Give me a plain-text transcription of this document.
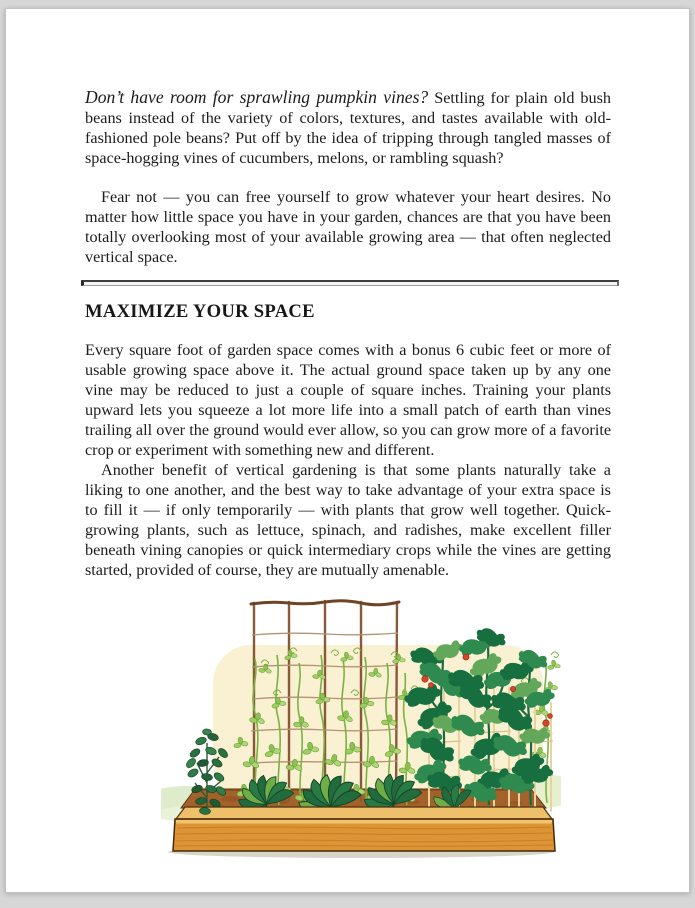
Don’t have room for sprawling pumpkin vines? Settling for plain old bush beans instead of the variety of colors, textures, and tastes available with old-fashioned pole beans? Put off by the idea of tripping through tangled masses of space-hogging vines of cucumbers, melons, or rambling squash?

Fear not — you can free yourself to grow whatever your heart desires. No matter how little space you have in your garden, chances are that you have been totally overlooking most of your available growing area — that often neglected vertical space.

MAXIMIZE YOUR SPACE

Every square foot of garden space comes with a bonus 6 cubic feet or more of usable growing space above it. The actual ground space taken up by any one vine may be reduced to just a couple of square inches. Training your plants upward lets you squeeze a lot more life into a small patch of earth than vines trailing all over the ground would ever allow, so you can grow more of a favorite crop or experiment with something new and different.

Another benefit of vertical gardening is that some plants naturally take a liking to one another, and the best way to take advantage of your extra space is to fill it — if only temporarily — with plants that grow well together. Quick-growing plants, such as lettuce, spinach, and radishes, make excellent filler beneath vining canopies or quick intermediary crops while the vines are getting started, provided of course, they are mutually amenable.
